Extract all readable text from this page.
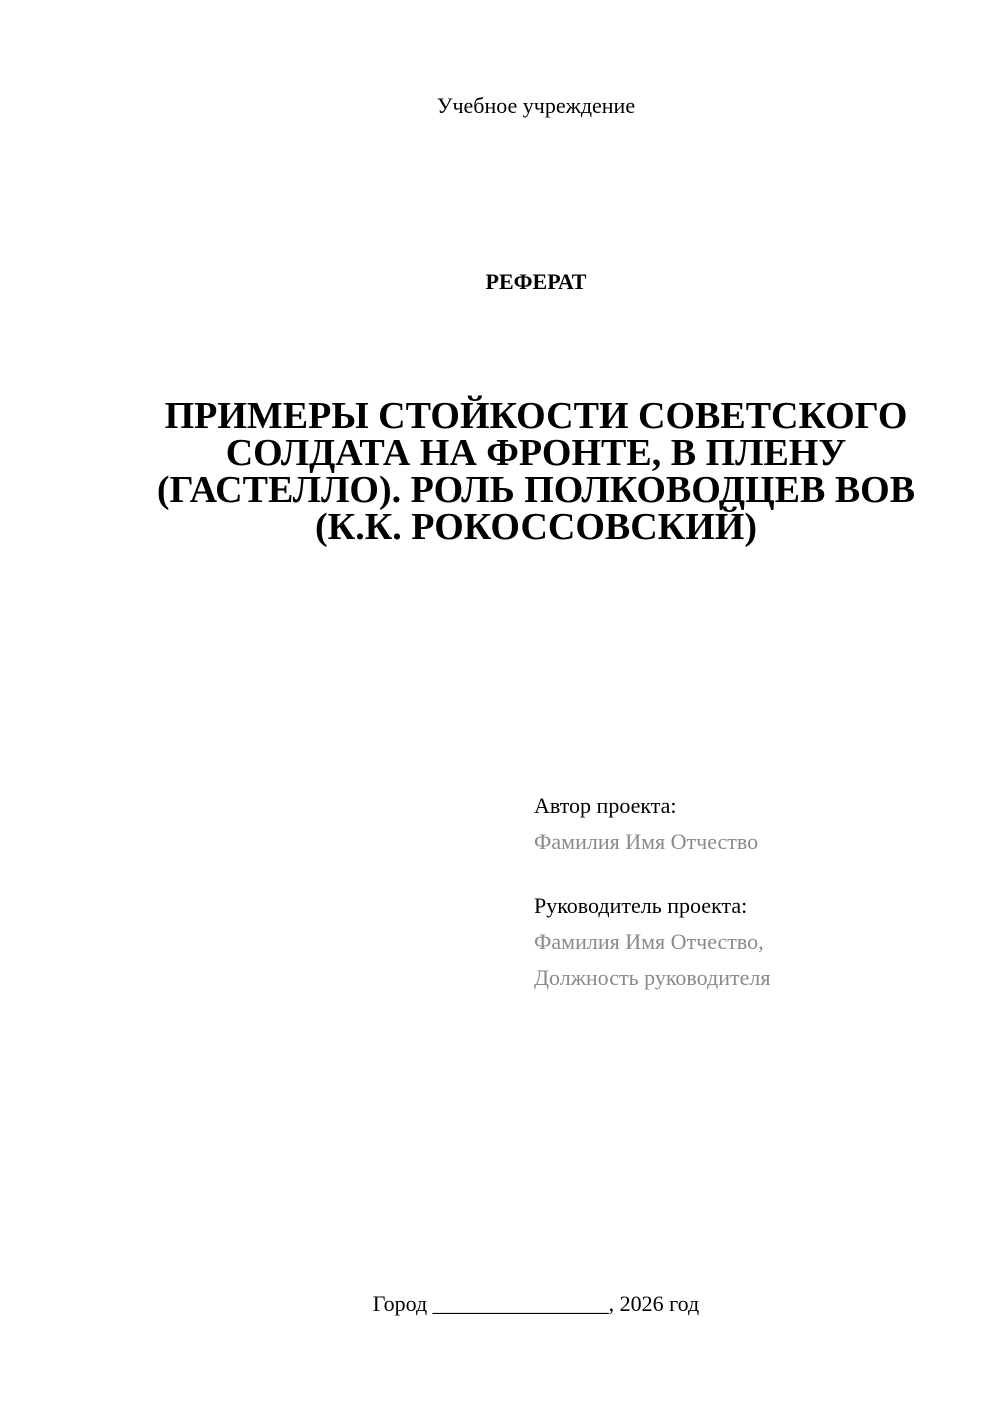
Учебное учреждение
РЕФЕРАТ
ПРИМЕРЫ СТОЙКОСТИ СОВЕТСКОГО
СОЛДАТА НА ФРОНТЕ, В ПЛЕНУ
(ГАСТЕЛЛО). РОЛЬ ПОЛКОВОДЦЕВ ВОВ
(К.К. РОКОССОВСКИЙ)
Автор проекта:
Фамилия Имя Отчество
Руководитель проекта:
Фамилия Имя Отчество,
Должность руководителя
Город ________________, 2026 год
